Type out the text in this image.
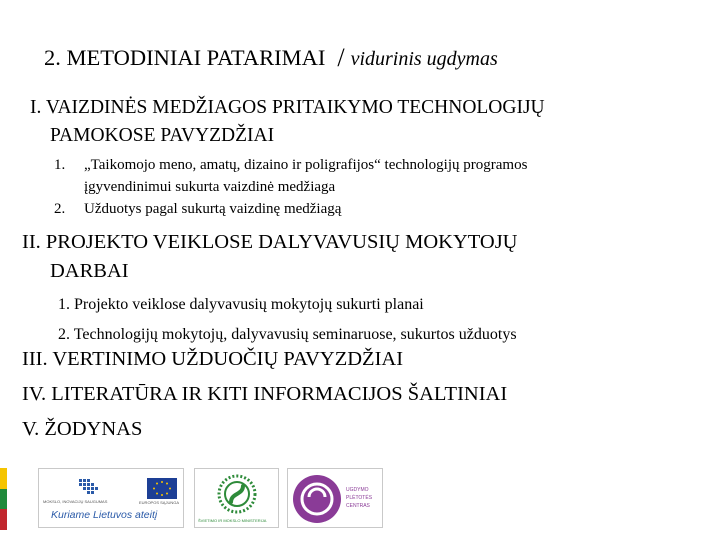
2. METODINIAI PATARIMAI / vidurinis ugdymas
I. VAIZDINĖS MEDŽIAGOS PRITAIKYMO TECHNOLOGIJŲ
PAMOKOSE PAVYZDŽIAI
1. „Taikomojo meno, amatų, dizaino ir poligrafijos“ technologijų programos
įgyvendinimui sukurta vaizdinė medžiaga
2. Užduotys pagal sukurtą vaizdinę medžiagą
II. PROJEKTO VEIKLOSE DALYVAVUSIŲ MOKYTOJŲ
DARBAI
1. Projekto veiklose dalyvavusių mokytojų sukurti planai
2. Technologijų mokytojų, dalyvavusių seminaruose, sukurtos užduotys
III. VERTINIMO UŽDUOČIŲ PAVYZDŽIAI
IV. LITERATŪRA IR KITI INFORMACIJOS ŠALTINIAI
V. ŽODYNAS
MOKSLO, INOVACIJŲ SAUGUMAS	EUROPOS SĄJUNGA
Kuriame Lietuvos ateitį	ŠVIETIMO IR MOKSLO MINISTERIJA
UGDYMO
PLĖTOTĖS
CENTRAS
